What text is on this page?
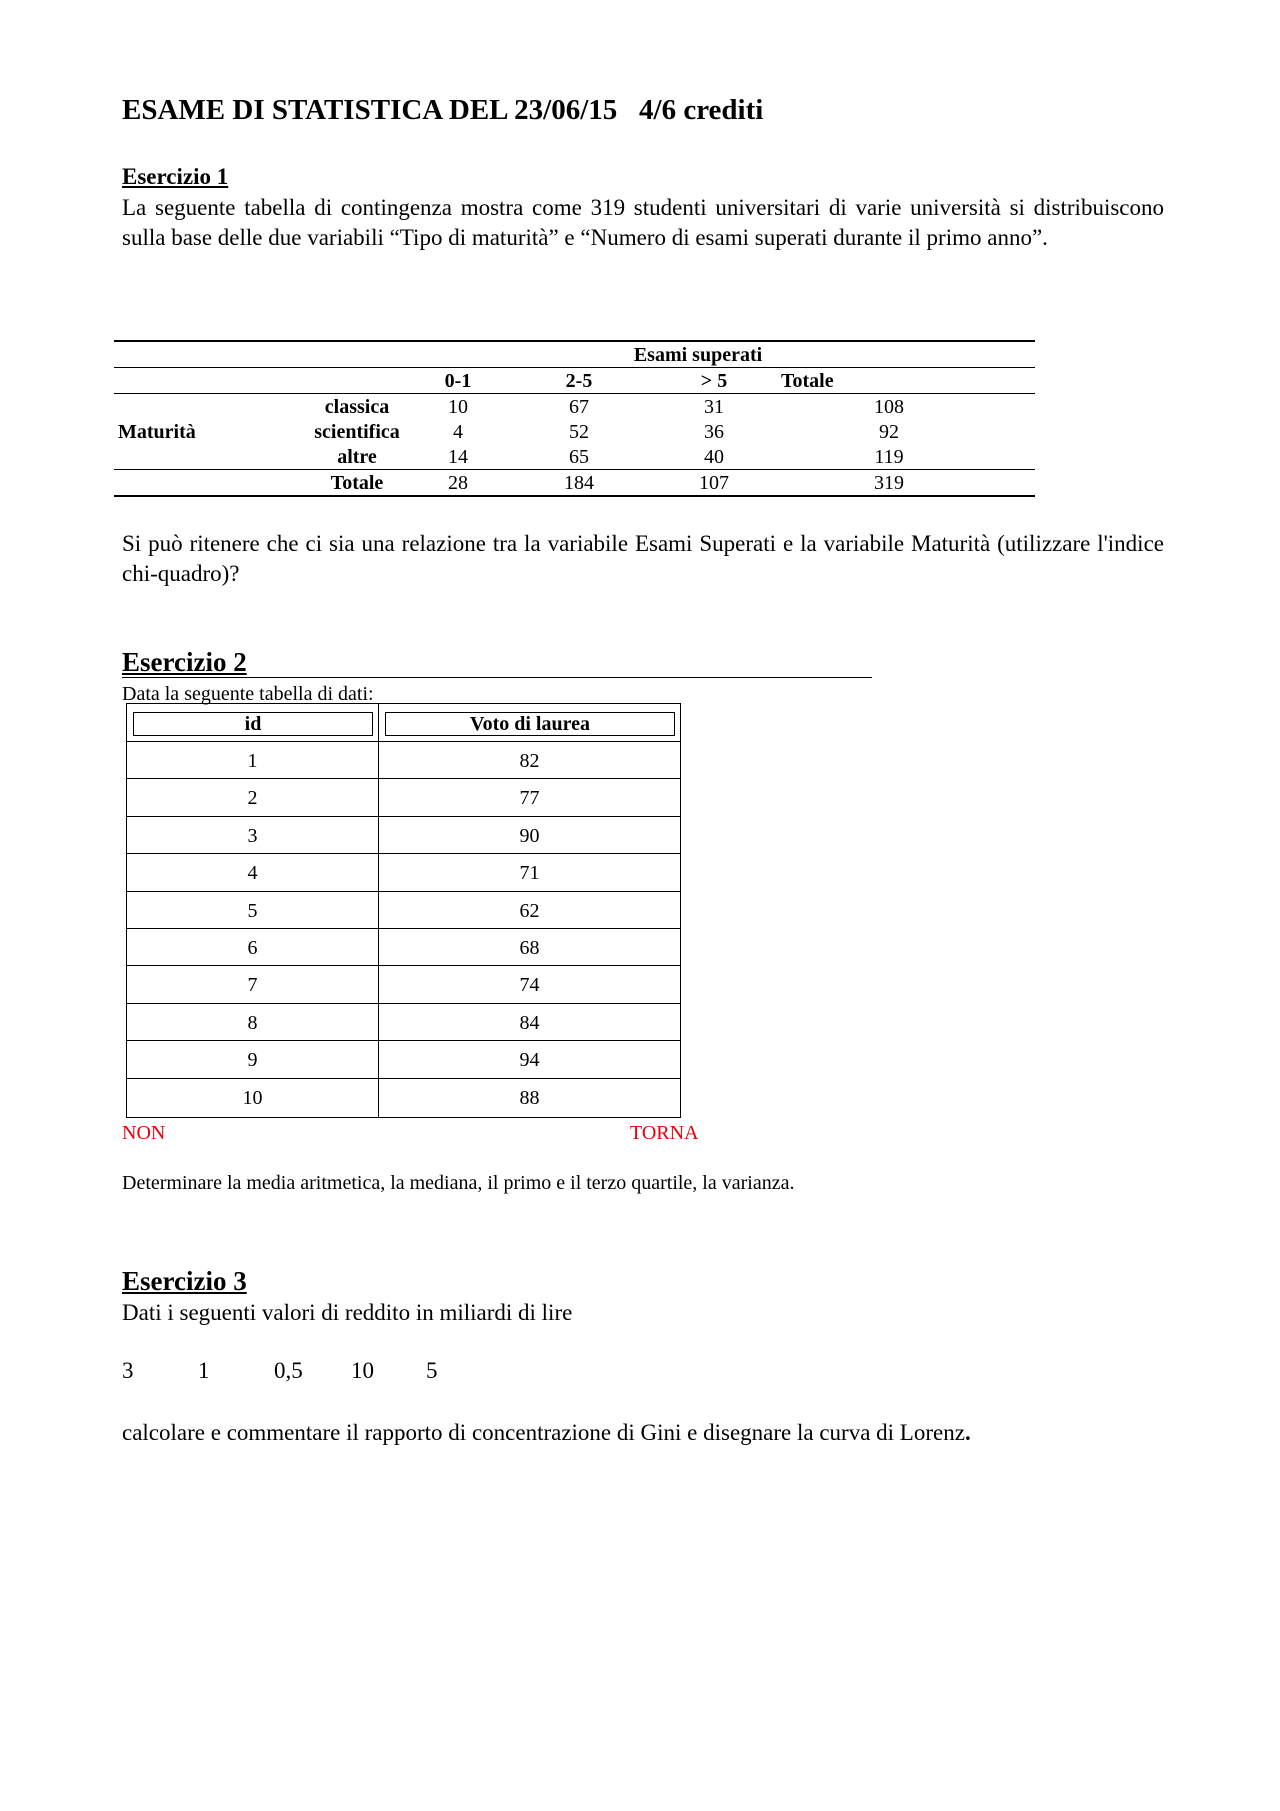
ESAME DI STATISTICA DEL 23/06/15   4/6 crediti
Esercizio 1
La seguente tabella di contingenza mostra come 319 studenti universitari di varie università si distribuiscono sulla base delle due variabili “Tipo di maturità” e “Numero di esami superati durante il primo anno”.
			Esami superati			
		0-1	2-5	> 5	Totale	
	classica	10	67	31	108	
Maturità	scientifica	4	52	36	92	
	altre	14	65	40	119	
	Totale	28	184	107	319	
Si può ritenere che ci sia una relazione tra la variabile Esami Superati e la variabile Maturità (utilizzare l'indice chi-quadro)?
Esercizio 2
Data la seguente tabella di dati:
id	Voto di laurea
1	82
2	77
3	90
4	71
5	62
6	68
7	74
8	84
9	94
10	88
NON	TORNA
Determinare la media aritmetica, la mediana, il primo e il terzo quartile, la varianza.
Esercizio 3
Dati i seguenti valori di reddito in miliardi di lire
3	1	0,5 10 5
calcolare e commentare il rapporto di concentrazione di Gini e disegnare la curva di Lorenz.
